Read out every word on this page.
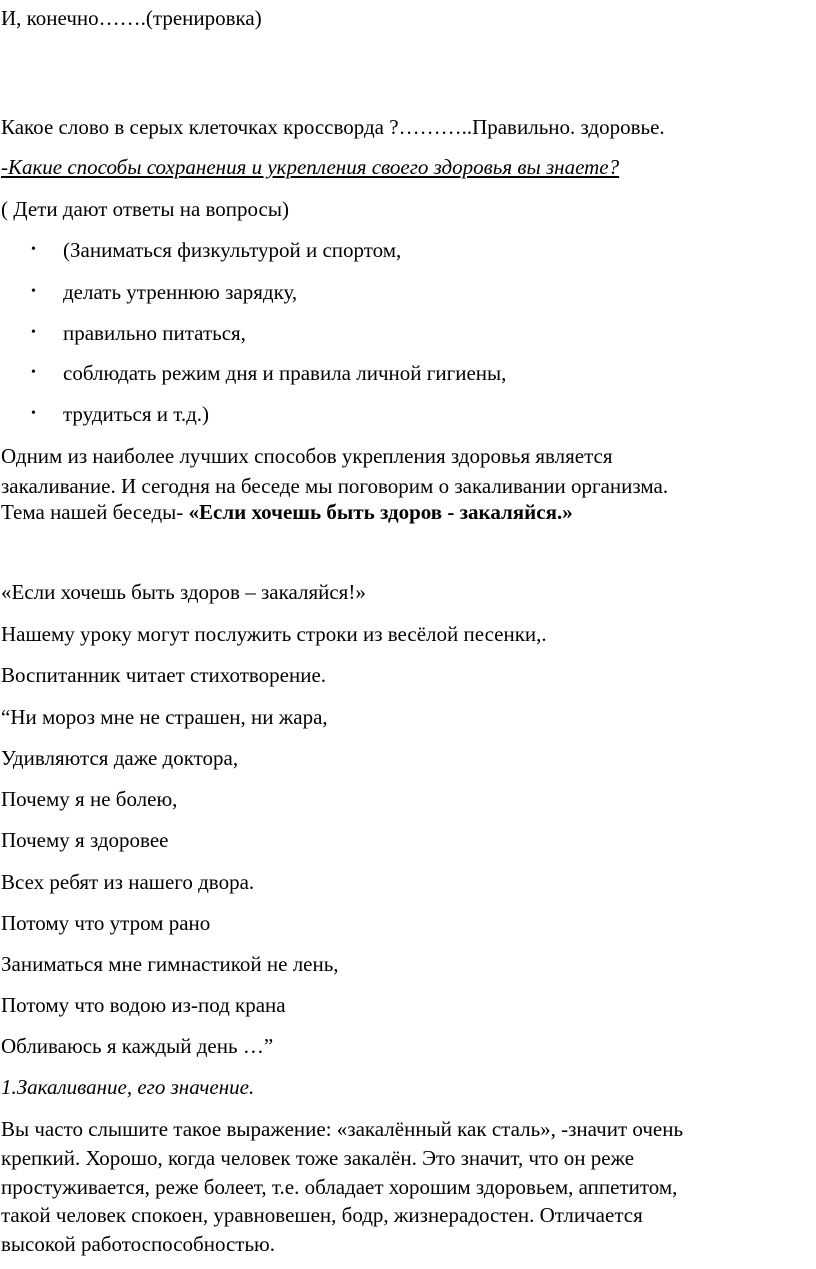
И, конечно…….(тренировка)
Какое слово в серых клеточках кроссворда ?………..Правильно. здоровье.
-Какие способы сохранения и укрепления своего здоровья вы знаете?
( Дети дают ответы на вопросы)
• (Заниматься физкультурой и спортом,
• делать утреннюю зарядку,
• правильно питаться,
• соблюдать режим дня и правила личной гигиены,
• трудиться и т.д.)
Одним из наиболее лучших способов укрепления здоровья является
закаливание. И сегодня на беседе мы поговорим о закаливании организма.
Тема нашей беседы- «Если хочешь быть здоров - закаляйся.»
«Если хочешь быть здоров – закаляйся!»
Нашему уроку могут послужить строки из весёлой песенки,.
Воспитанник читает стихотворение.
“Ни мороз мне не страшен, ни жара,
Удивляются даже доктора,
Почему я не болею,
Почему я здоровее
Всех ребят из нашего двора.
Потому что утром рано
Заниматься мне гимнастикой не лень,
Потому что водою из-под крана
Обливаюсь я каждый день …”
1.Закаливание, его значение.
Вы часто слышите такое выражение: «закалённый как сталь», -значит очень
крепкий. Хорошо, когда человек тоже закалён. Это значит, что он реже
простуживается, реже болеет, т.е. обладает хорошим здоровьем, аппетитом,
такой человек спокоен, уравновешен, бодр, жизнерадостен. Отличается
высокой работоспособностью.
